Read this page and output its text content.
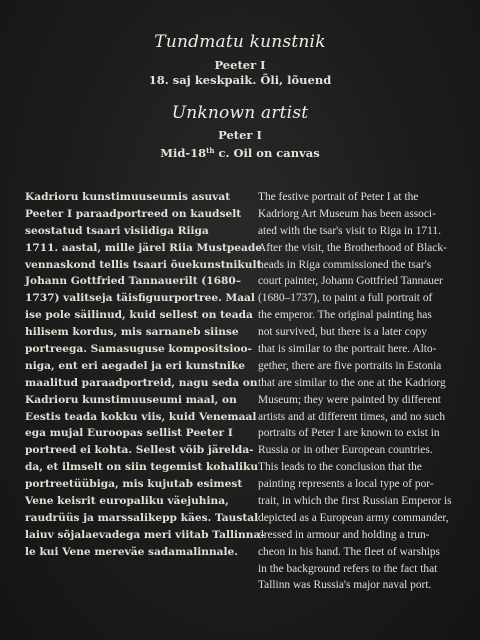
Tundmatu kunstnik
Peeter I
18. saj keskpaik. Õli, lõuend
Unknown artist
Peter I
Mid-18th c. Oil on canvas
Kadrioru kunstimuuseumis asuvat
Peeter I paraadportreed on kaudselt
seostatud tsaari visiidiga Riiga
1711. aastal, mille järel Riia Mustpeade
vennaskond tellis tsaari õuekunstnikult
Johann Gottfried Tannauerilt (1680–
1737) valitseja täisfiguurportree. Maal
ise pole säilinud, kuid sellest on teada
hilisem kordus, mis sarnaneb siinse
portreega. Samasuguse kompositsioo-
niga, ent eri aegadel ja eri kunstnike
maalitud paraadportreid, nagu seda on
Kadrioru kunstimuuseumi maal, on
Eestis teada kokku viis, kuid Venemaal
ega mujal Euroopas sellist Peeter I
portreed ei kohta. Sellest võib järelda-
da, et ilmselt on siin tegemist kohaliku
portreetüübiga, mis kujutab esimest
Vene keisrit europaliku väejuhina,
raudrüüs ja marssalikepp käes. Taustal
laiuv sõjalaevadega meri viitab Tallinna-
le kui Vene mereväe sadamalinnale.
The festive portrait of Peter I at the
Kadriorg Art Museum has been associ-
ated with the tsar's visit to Riga in 1711.
After the visit, the Brotherhood of Black-
heads in Riga commissioned the tsar's
court painter, Johann Gottfried Tannauer
(1680–1737), to paint a full portrait of
the emperor. The original painting has
not survived, but there is a later copy
that is similar to the portrait here. Alto-
gether, there are five portraits in Estonia
that are similar to the one at the Kadriorg
Museum; they were painted by different
artists and at different times, and no such
portraits of Peter I are known to exist in
Russia or in other European countries.
This leads to the conclusion that the
painting represents a local type of por-
trait, in which the first Russian Emperor is
depicted as a European army commander,
dressed in armour and holding a trun-
cheon in his hand. The fleet of warships
in the background refers to the fact that
Tallinn was Russia's major naval port.
